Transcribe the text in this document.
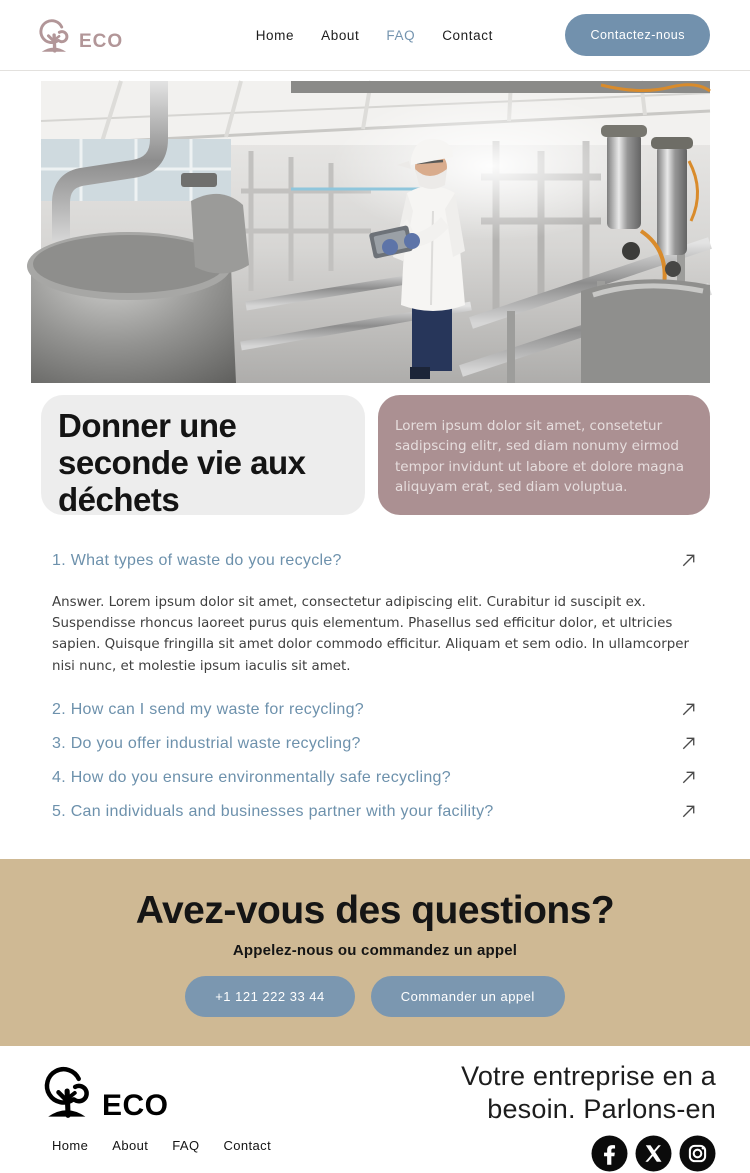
ECO	Home About FAQ Contact	Contactez-nous
Donner une seconde vie aux déchets

Lorem ipsum dolor sit amet, consetetur sadipscing elitr, sed diam nonumy eirmod tempor invidunt ut labore et dolore magna aliquyam erat, sed diam voluptua.

1. What types of waste do you recycle?

Answer. Lorem ipsum dolor sit amet, consectetur adipiscing elit. Curabitur id suscipit ex. Suspendisse rhoncus laoreet purus quis elementum. Phasellus sed efficitur dolor, et ultricies sapien. Quisque fringilla sit amet dolor commodo efficitur. Aliquam et sem odio. In ullamcorper nisi nunc, et molestie ipsum iaculis sit amet.

2. How can I send my waste for recycling?
3. Do you offer industrial waste recycling?
4. How do you ensure environmentally safe recycling?
5. Can individuals and businesses partner with your facility?
Avez-vous des questions?
Appelez-nous ou commandez un appel
+1 121 222 33 44	Commander un appel
ECO
Home About FAQ Contact
Votre entreprise en a besoin. Parlons-en
